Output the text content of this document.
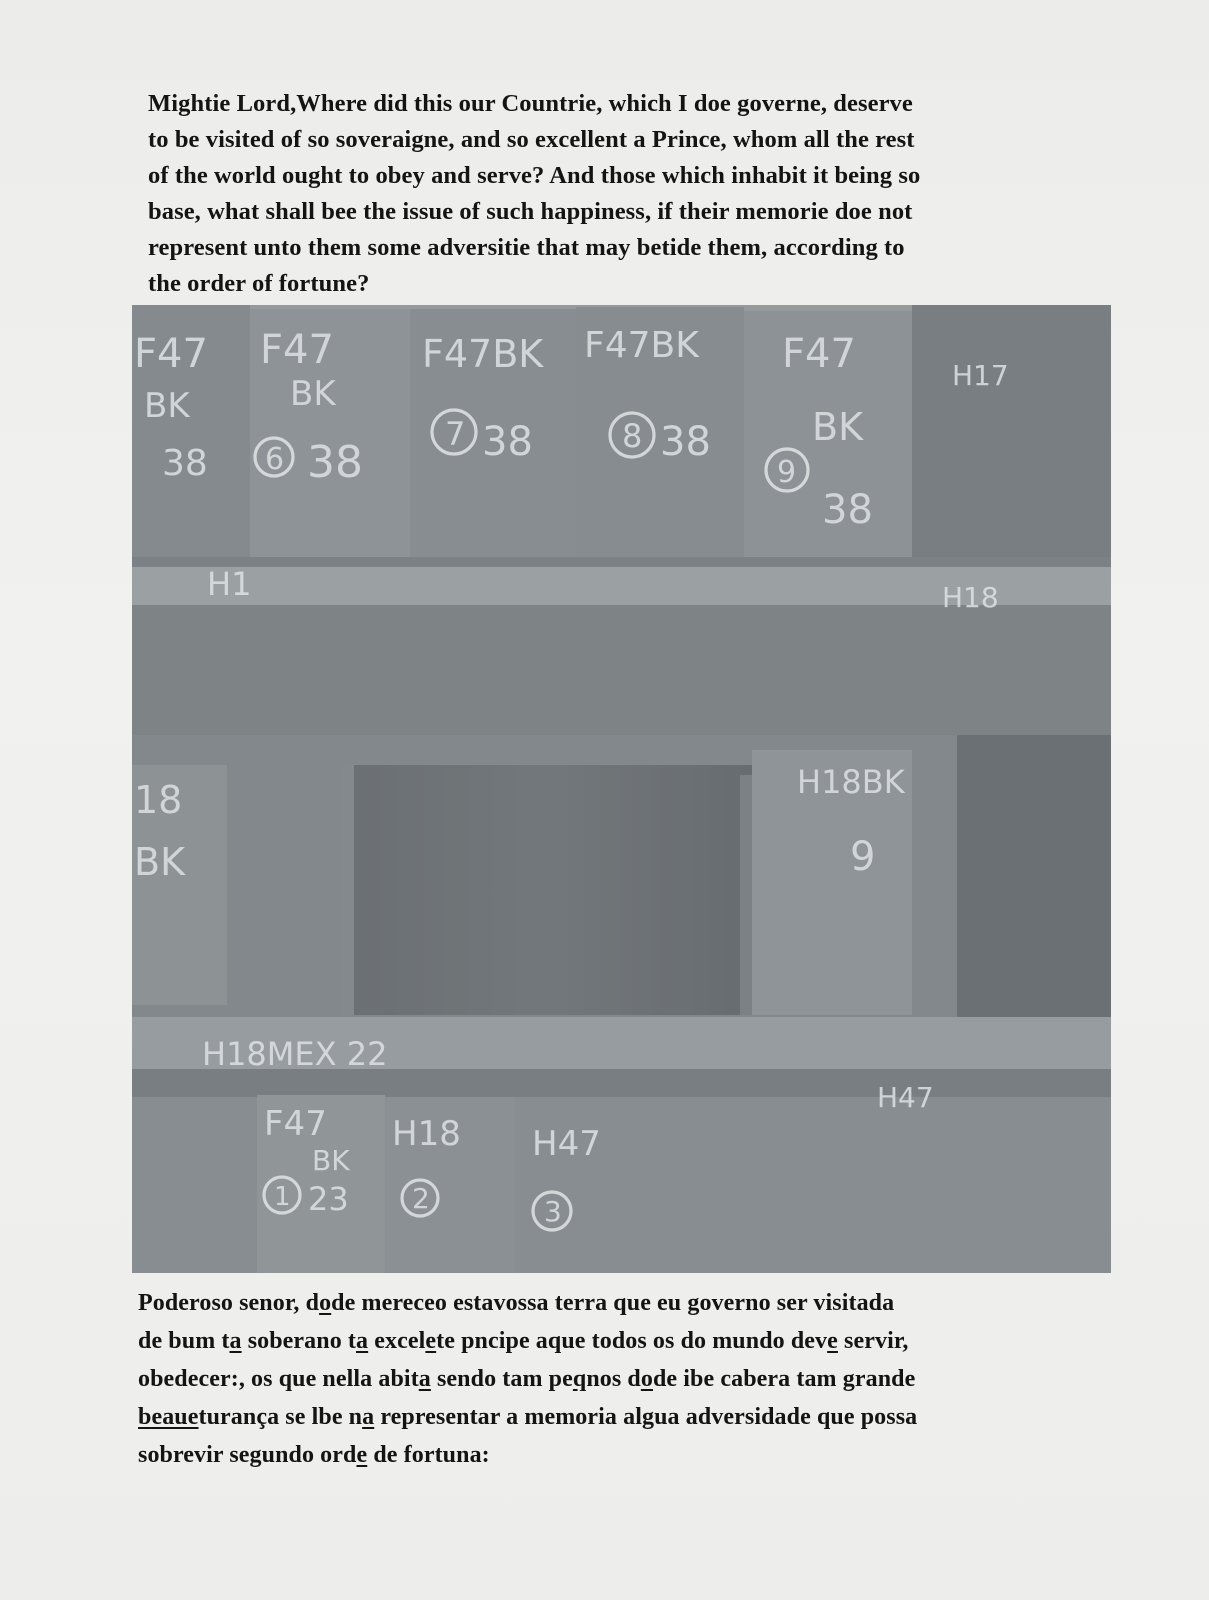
Mightie Lord,Where did this our Countrie, which I doe governe, deserve
to be visited of so soveraigne, and so excellent a Prince, whom all the rest
of the world ought to obey and serve? And those which inhabit it being so
base, what shall bee the issue of such happiness, if their memorie doe not
represent unto them some adversitie that may betide them, according to
the order of fortune?
F47
BK
38
F47
BK
6 38
F47BK
7 38
F47BK
8 38
F47
BK
9
38
H17
H1	H18
H18BK
9
18
BK
H18MEX 22
H47
F47
BK
1 23
H18
2
H47
3
Poderoso senor, dode mereceo estavossa terra que eu governo ser visitada
de bum ta soberano ta excelete pncipe aque todos os do mundo deve servir,
obedecer:, os que nella abita sendo tam peqnos dode ibe cabera tam grande
beaueturança se lbe na representar a memoria algua adversidade que possa
sobrevir segundo orde de fortuna:
